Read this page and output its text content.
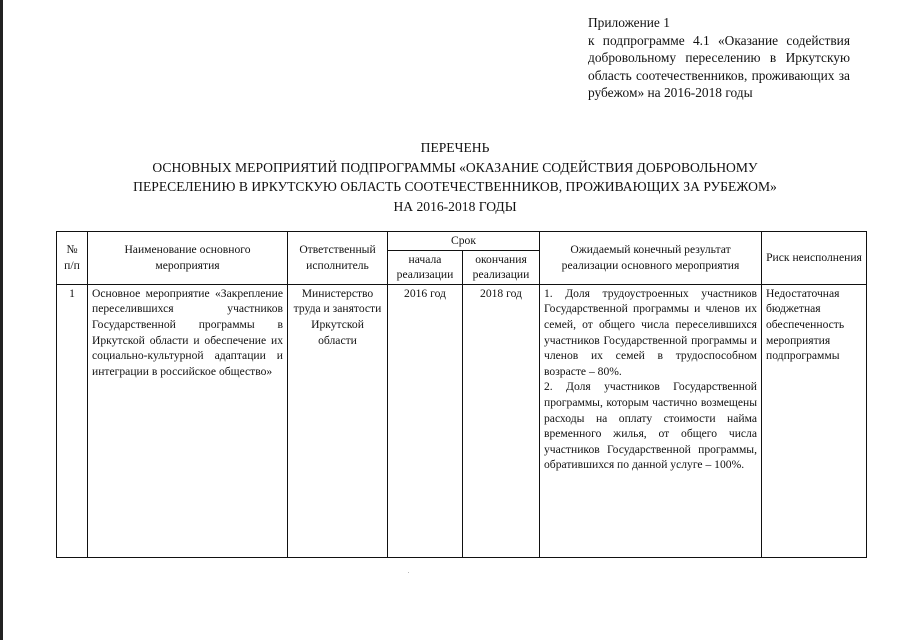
Приложение 1
к подпрограмме 4.1 «Оказание содействия добровольному переселению в Иркутскую область соотечественников, проживающих за рубежом» на 2016-2018 годы
ПЕРЕЧЕНЬ
ОСНОВНЫХ МЕРОПРИЯТИЙ ПОДПРОГРАММЫ «ОКАЗАНИЕ СОДЕЙСТВИЯ ДОБРОВОЛЬНОМУ
ПЕРЕСЕЛЕНИЮ В ИРКУТСКУЮ ОБЛАСТЬ СООТЕЧЕСТВЕННИКОВ, ПРОЖИВАЮЩИХ ЗА РУБЕЖОМ»
НА 2016-2018 ГОДЫ
№ п/п	Наименование основного мероприятия	Ответственный исполнитель	Срок		Ожидаемый конечный результат реализации основного мероприятия	Риск неисполнения
			начала реализации	окончания реализации		
1	Основное мероприятие «Закрепление переселившихся участников Государственной программы в Иркутской области и обеспечение их социально-культурной адаптации и интеграции в российское общество»	Министерство труда и занятости Иркутской области	2016 год	2018 год	1. Доля трудоустроенных участников Государственной программы и членов их семей, от общего числа переселившихся участников Государственной программы и членов их семей в трудоспособном возрасте – 80%.
2. Доля участников Государственной программы, которым частично возмещены расходы на оплату стоимости найма временного жилья, от общего числа участников Государственной программы, обратившихся по данной услуге – 100%.	Недостаточная бюджетная обеспеченность мероприятия подпрограммы
